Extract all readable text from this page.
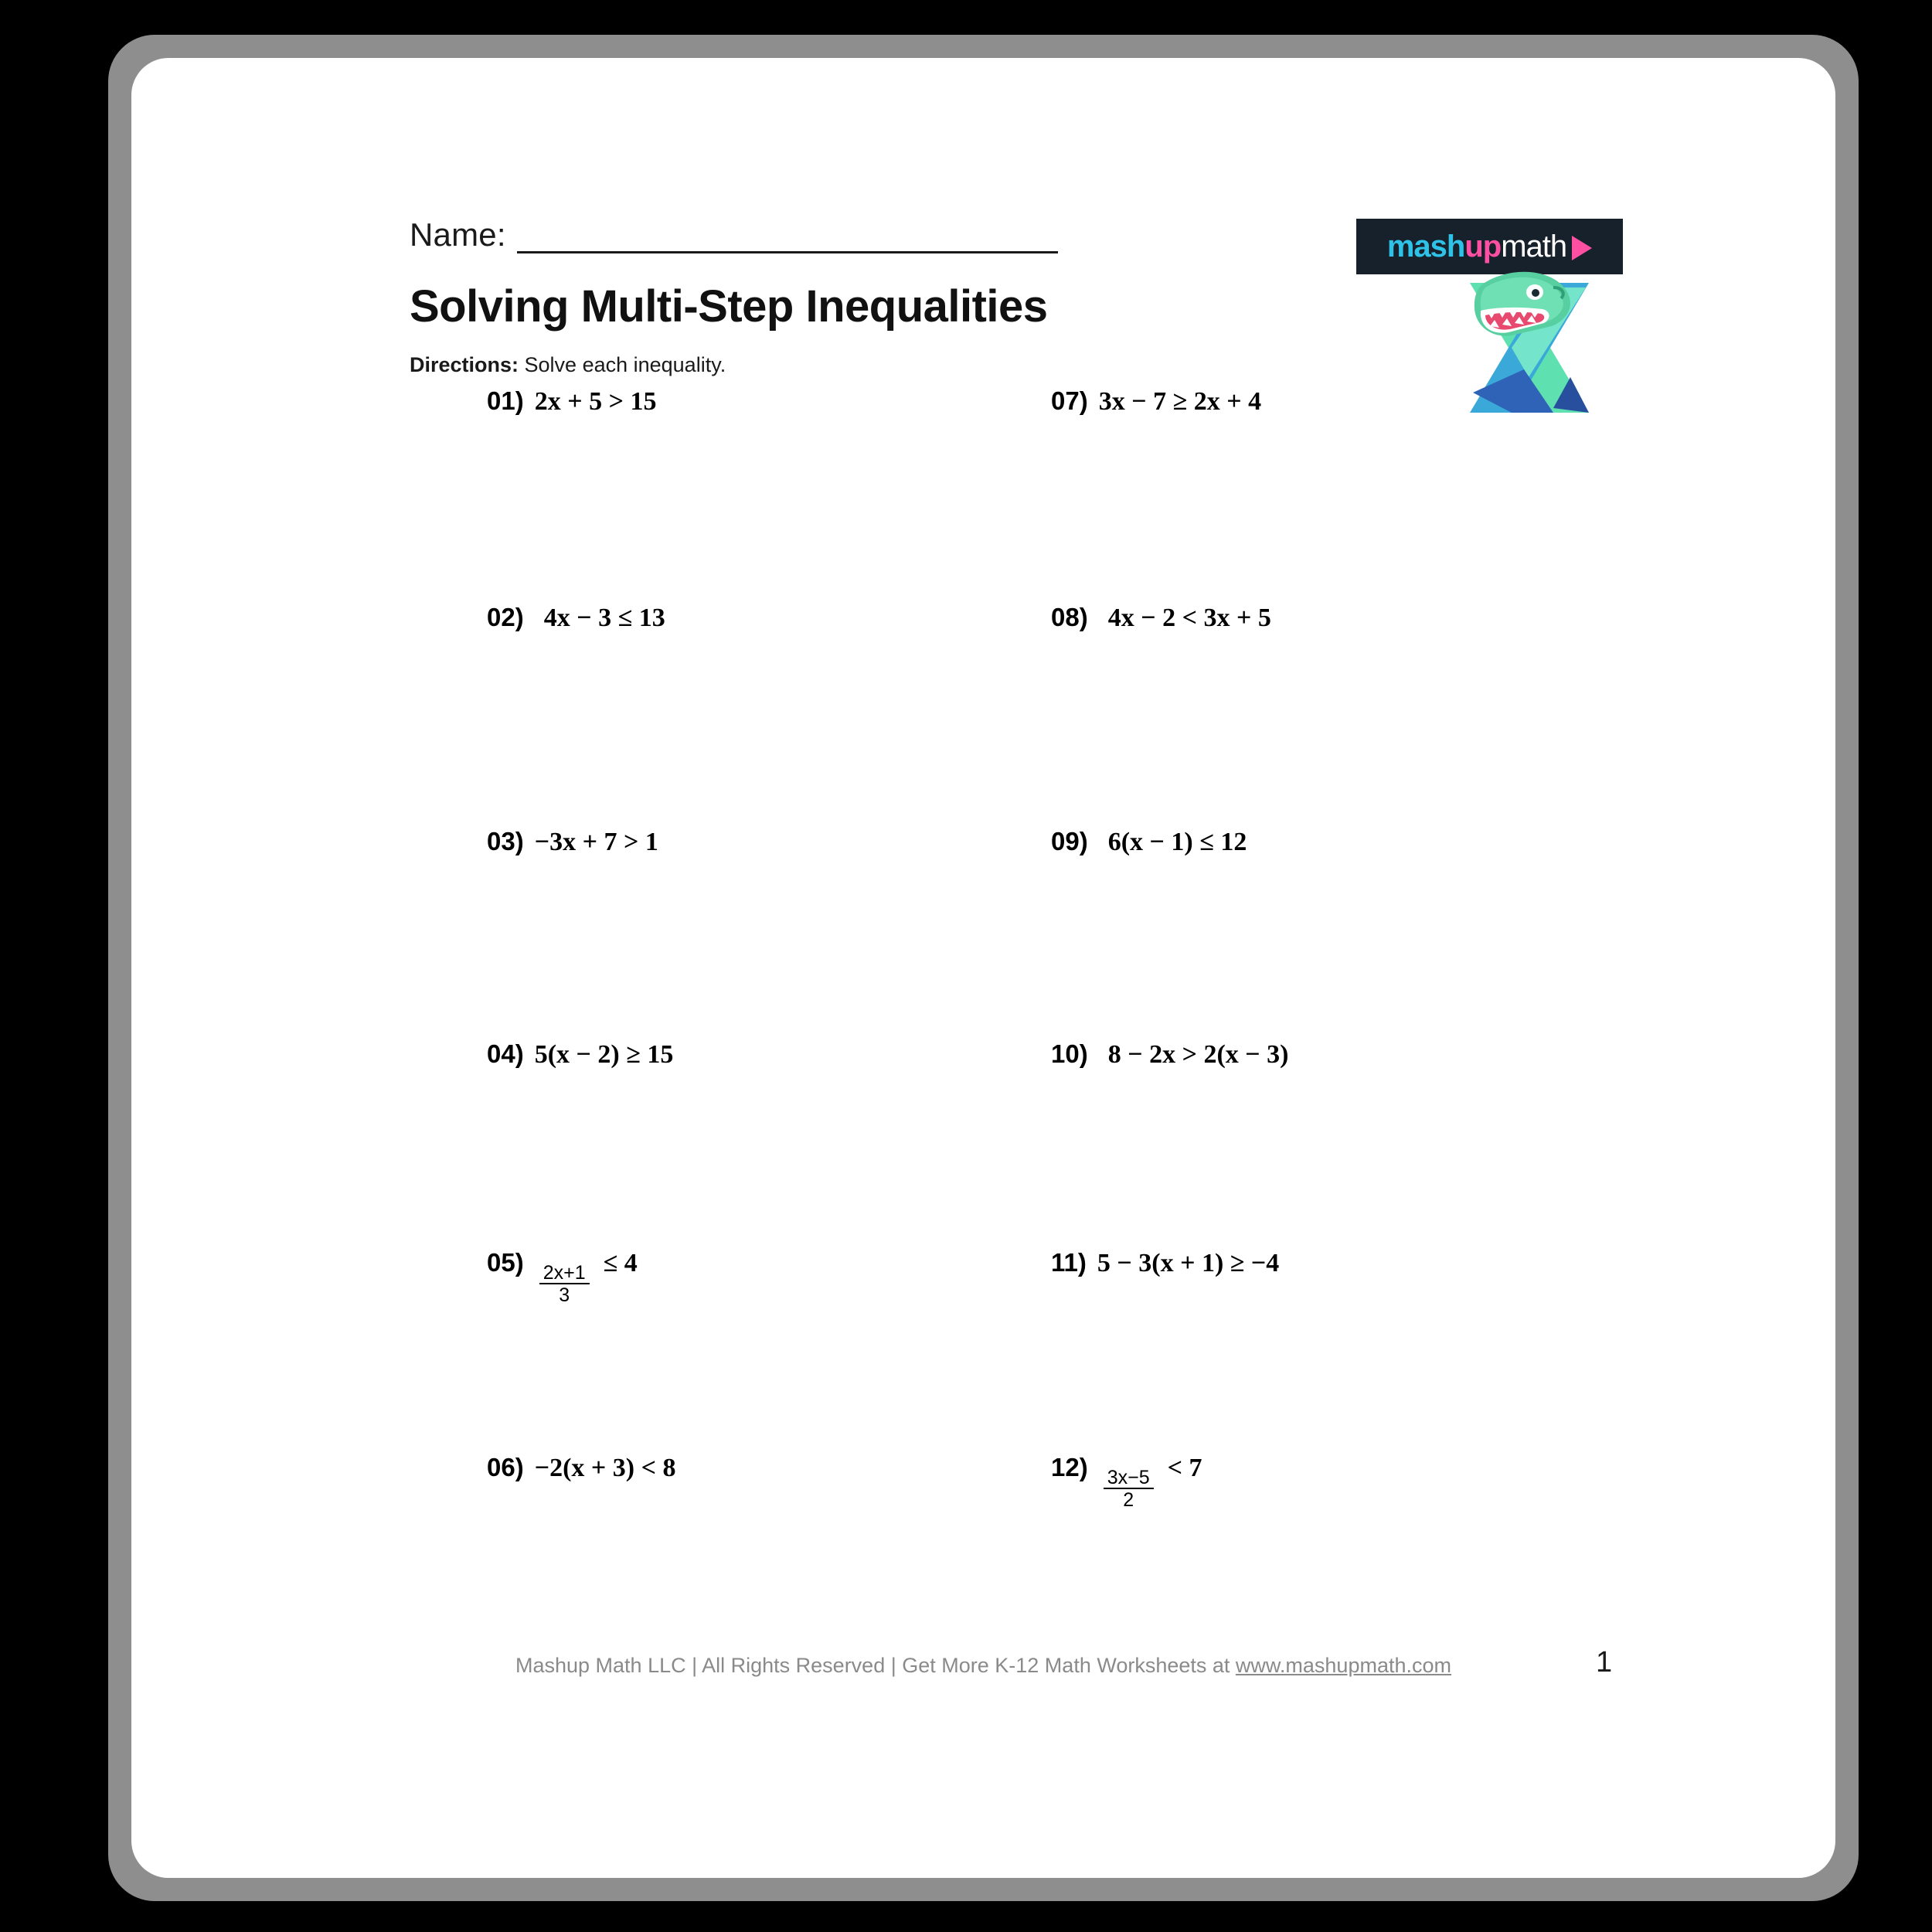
Name:
Solving Multi-Step Inequalities
Directions: Solve each inequality.
mashupmath
01) 2x + 5 > 15
02) 4x − 3 ≤ 13
03) −3x + 7 > 1
04) 5(x − 2) ≥ 15
05)
$\frac{2x+1}{3} \le 4$
06) −2(x + 3) < 8
07) 3x − 7 ≥ 2x + 4
08) 4x − 2 < 3x + 5
09) 6(x − 1) ≤ 12
10) 8 − 2x > 2(x − 3)
11) 5 − 3(x + 1) ≥ −4
12)
$\frac{3x-5}{2} < 7$
Mashup Math LLC | All Rights Reserved | Get More K-12 Math Worksheets at www.mashupmath.com	1
